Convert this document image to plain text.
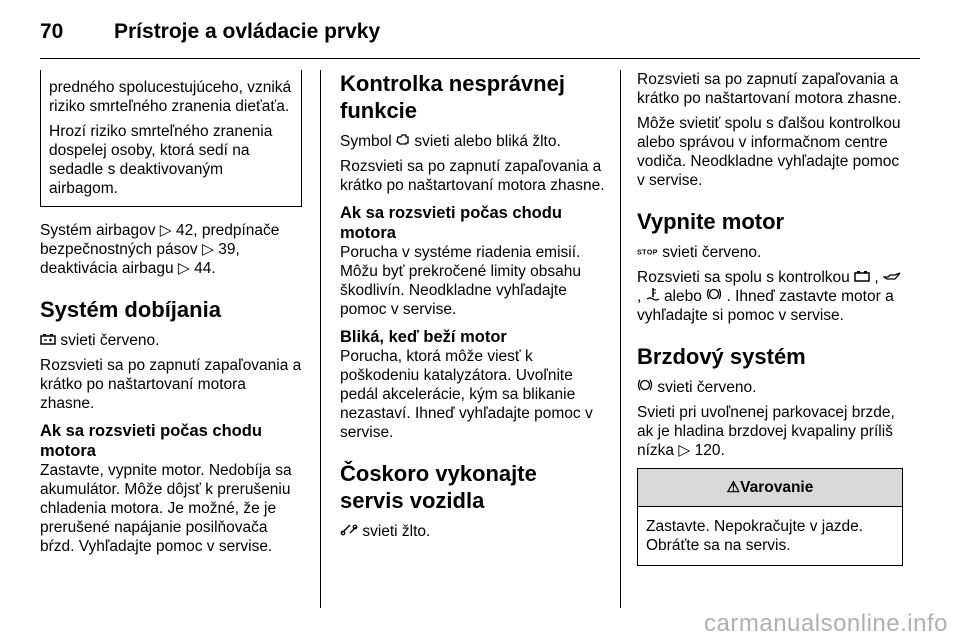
70 Prístroje a ovládacie prvky

predného spolucestujúceho, vzniká riziko smrteľného zranenia dieťaťa.

Hrozí riziko smrteľného zranenia dospelej osoby, ktorá sedí na sedadle s deaktivovaným airbagom.

Systém airbagov ▷ 42, predpínače
bezpečnostných pásov ▷ 39,
deaktivácia airbagu ▷ 44.

Systém dobíjania

svieti červeno.

Rozsvieti sa po zapnutí zapaľovania a krátko po naštartovaní motora zhasne.

Ak sa rozsvieti počas chodu motora

Zastavte, vypnite motor. Nedobíja sa akumulátor. Môže dôjsť k prerušeniu chladenia motora. Je možné, že je prerušené napájanie posilňovača bŕzd. Vyhľadajte pomoc v servise.

Kontrolka nesprávnej funkcie

Symbol svieti alebo bliká žlto.

Rozsvieti sa po zapnutí zapaľovania a krátko po naštartovaní motora zhasne.

Ak sa rozsvieti počas chodu motora

Porucha v systéme riadenia emisií. Môžu byť prekročené limity obsahu škodlivín. Neodkladne vyhľadajte pomoc v servise.

Bliká, keď beží motor

Porucha, ktorá môže viesť k poškodeniu katalyzátora. Uvoľnite pedál akcelerácie, kým sa blikanie nezastaví. Ihneď vyhľadajte pomoc v servise.

Čoskoro vykonajte servis vozidla

svieti žlto.

Rozsvieti sa po zapnutí zapaľovania a krátko po naštartovaní motora zhasne.

Môže svietiť spolu s ďalšou kontrolkou alebo správou v informačnom centre vodiča. Neodkladne vyhľadajte pomoc v servise.

Vypnite motor

STOP svieti červeno.

Rozsvieti sa spolu s kontrolkou ,  ,  alebo . Ihneď zastavte motor a vyhľadajte si pomoc v servise.

Brzdový systém

svieti červeno.

Svieti pri uvoľnenej parkovacej brzde, ak je hladina brzdovej kvapaliny príliš nízka ▷ 120.

⚠Varovanie
Zastavte. Nepokračujte v jazde. Obráťte sa na servis.
carmanualsonline.info
